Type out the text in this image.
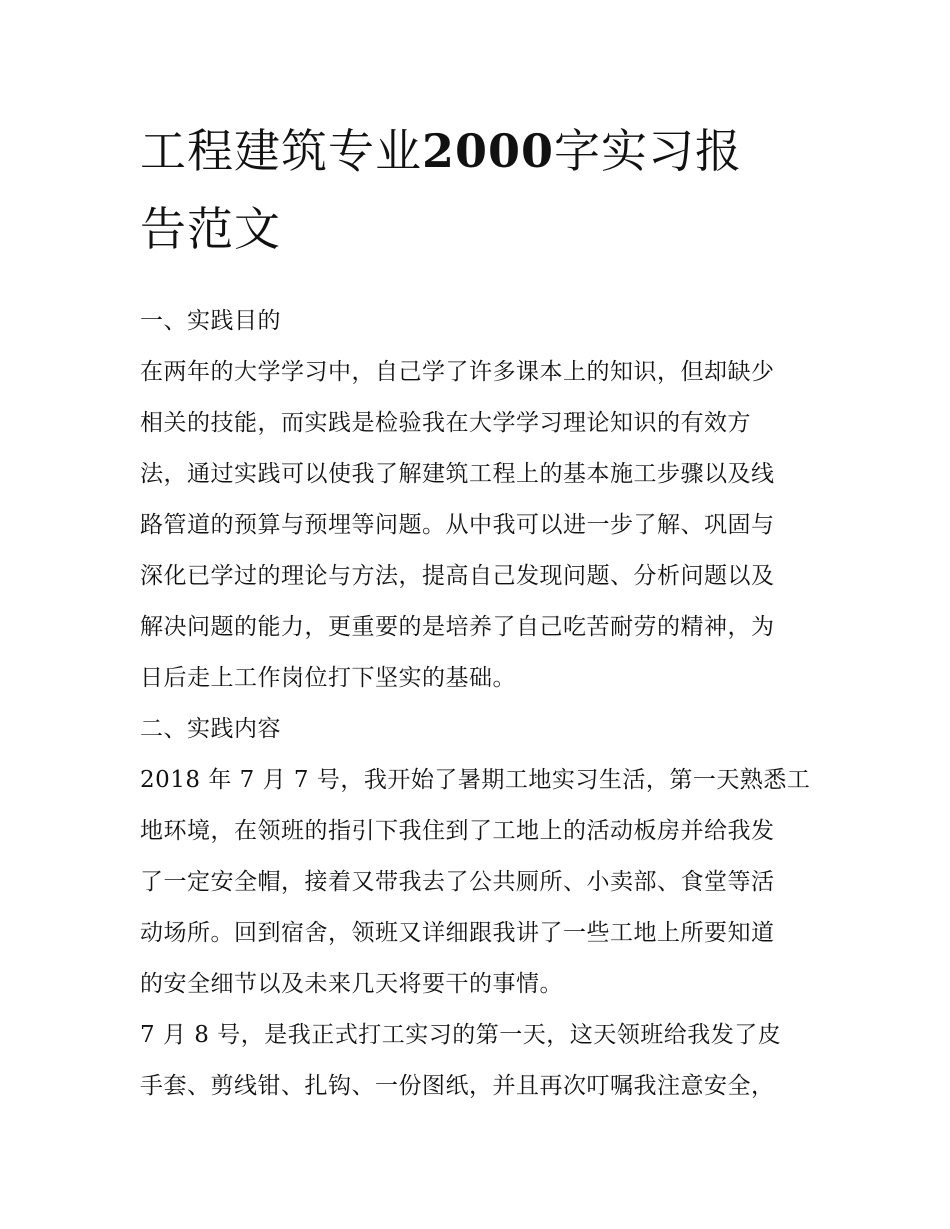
工程建筑专业2000字实习报
告范文
一、实践目的
在两年的大学学习中，自己学了许多课本上的知识，但却缺少
相关的技能，而实践是检验我在大学学习理论知识的有效方
法，通过实践可以使我了解建筑工程上的基本施工步骤以及线
路管道的预算与预埋等问题。从中我可以进一步了解、巩固与
深化已学过的理论与方法，提高自己发现问题、分析问题以及
解决问题的能力，更重要的是培养了自己吃苦耐劳的精神，为
日后走上工作岗位打下坚实的基础。
二、实践内容
2018 年 7 月 7 号，我开始了暑期工地实习生活，第一天熟悉工
地环境，在领班的指引下我住到了工地上的活动板房并给我发
了一定安全帽，接着又带我去了公共厕所、小卖部、食堂等活
动场所。回到宿舍，领班又详细跟我讲了一些工地上所要知道
的安全细节以及未来几天将要干的事情。
7 月 8 号，是我正式打工实习的第一天，这天领班给我发了皮
手套、剪线钳、扎钩、一份图纸，并且再次叮嘱我注意安全，
